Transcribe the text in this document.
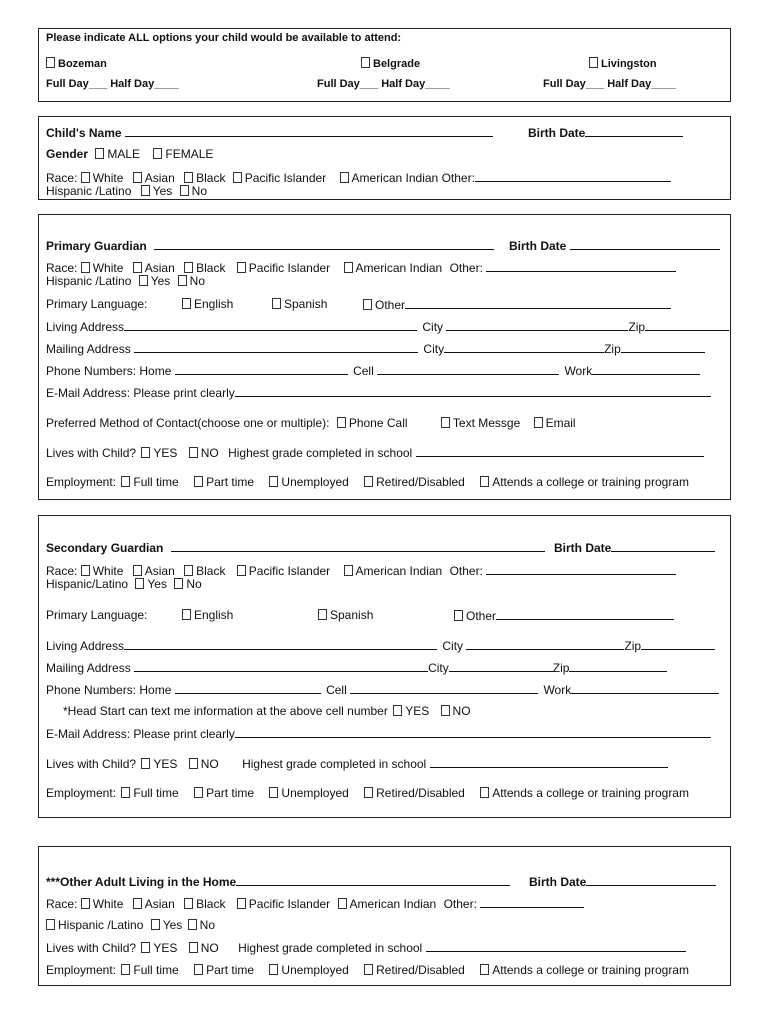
Please indicate ALL options your child would be available to attend:
Bozeman	Belgrade	Livingston
Full Day___ Half Day____	Full Day___ Half Day____	Full Day___ Half Day____
Child's Name	Birth Date
Gender MALE FEMALE
Race: White Asian Black Pacific Islander American Indian Other:
Hispanic /Latino Yes No
Primary Guardian	Birth Date
Race: White Asian Black Pacific Islander American Indian Other:
Hispanic /Latino Yes No
Primary Language:	English	Spanish	Other
Living Address	City	Zip
Mailing Address	City	Zip
Phone Numbers: Home	Cell	Work
E-Mail Address: Please print clearly
Preferred Method of Contact(choose one or multiple): Phone Call	Text Messge Email
Lives with Child? YES NO Highest grade completed in school
Employment: Full time Part time Unemployed Retired/Disabled Attends a college or training program
Secondary Guardian	Birth Date
Race: White Asian Black Pacific Islander American Indian Other:
Hispanic/Latino Yes No
Primary Language:	English	Spanish	Other
Living Address	City	Zip
Mailing Address	City	Zip
Phone Numbers: Home	Cell	Work
*Head Start can text me information at the above cell number YES NO
E-Mail Address: Please print clearly
Lives with Child? YES NO Highest grade completed in school
Employment: Full time Part time Unemployed Retired/Disabled Attends a college or training program
***Other Adult Living in the Home	Birth Date
Race: White Asian Black Pacific Islander American Indian Other:
Hispanic /Latino Yes No
Lives with Child? YES NO Highest grade completed in school
Employment: Full time Part time Unemployed Retired/Disabled Attends a college or training program
